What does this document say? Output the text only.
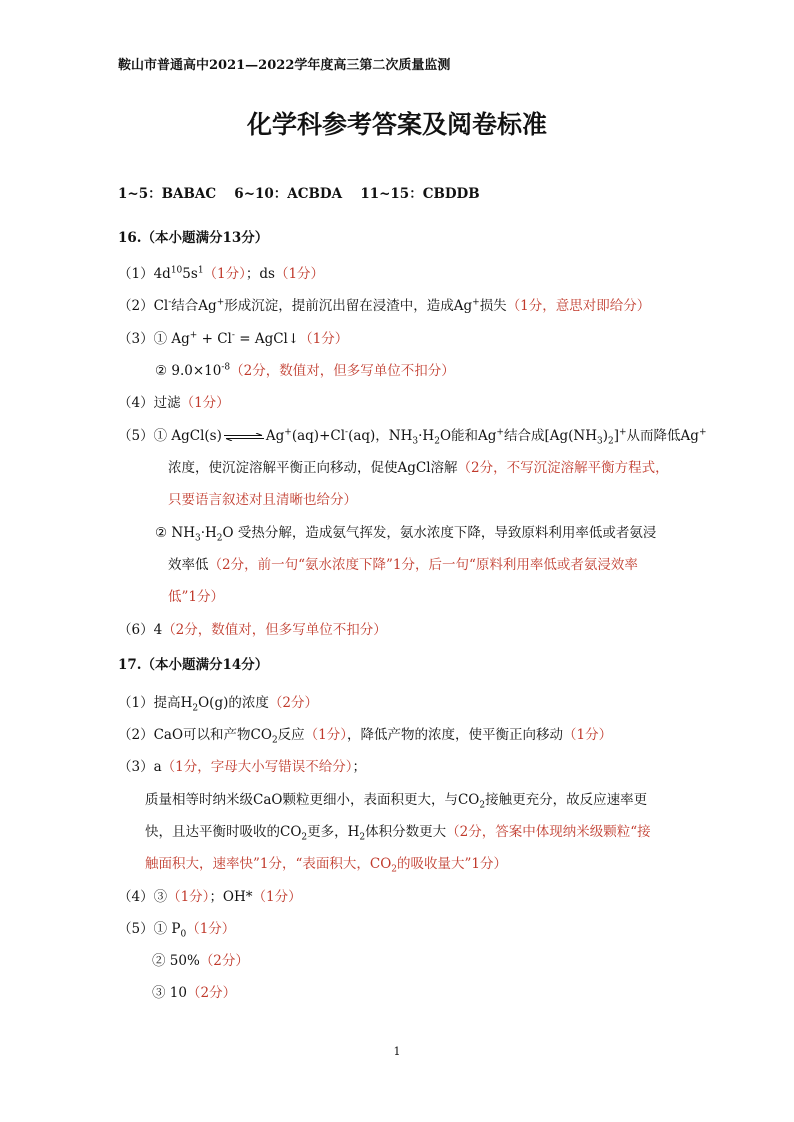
鞍山市普通高中2021—2022学年度高三第二次质量监测
化学科参考答案及阅卷标准
1~5：BABAC　 6~10：ACBDA　 11~15：CBDDB
16.（本小题满分13分）
$(1)4d^{10}5s^1(1$分）；ds（1分）
（2）Cl-结合Ag+形成沉淀，提前沉出留在浸渣中，造成Ag+损失（1分，意思对即给分）
（3）① Ag+ + Cl- = AgCl↓（1分）
② $9.0\times 10^{-8}(2$分，数值对，但多写单位不扣分）
（4）过滤（1分）
（5）① AgCl(s) ⇌ Ag+(aq)+Cl-(aq)，$NH_3\cdot H_2O$能和Ag+结合成$[Ag(NH_3)_2]^+$从而降低Ag+
浓度，使沉淀溶解平衡正向移动，促使AgCl溶解（2分，不写沉淀溶解平衡方程式，
只要语言叙述对且清晰也给分）
② $NH_3\cdot H_2O$ 受热分解，造成氨气挥发，氨水浓度下降，导致原料利用率低或者氨浸
效率低（2分，前一句“氨水浓度下降”1分，后一句“原料利用率低或者氨浸效率
低”1分）
（6）4（2分，数值对，但多写单位不扣分）
17.（本小题满分14分）
（1）提高$H_2O(g)$的浓度（2分）
（2）CaO可以和产物$CO_2$反应（1分），降低产物的浓度，使平衡正向移动（1分）
（3）a（1分，字母大小写错误不给分）；
质量相等时纳米级CaO颗粒更细小，表面积更大，与$CO_2$接触更充分，故反应速率更
快，且达平衡时吸收的$CO_2$更多，$H_2$体积分数更大（2分，答案中体现纳米级颗粒“接
触面积大，速率快”1分，“表面积大，$CO_2$的吸收量大”1分）
（4）③（1分）；OH*（1分）
（5）① $P_0(1$分）
② 50%（2分）
③ 10（2分）
1
